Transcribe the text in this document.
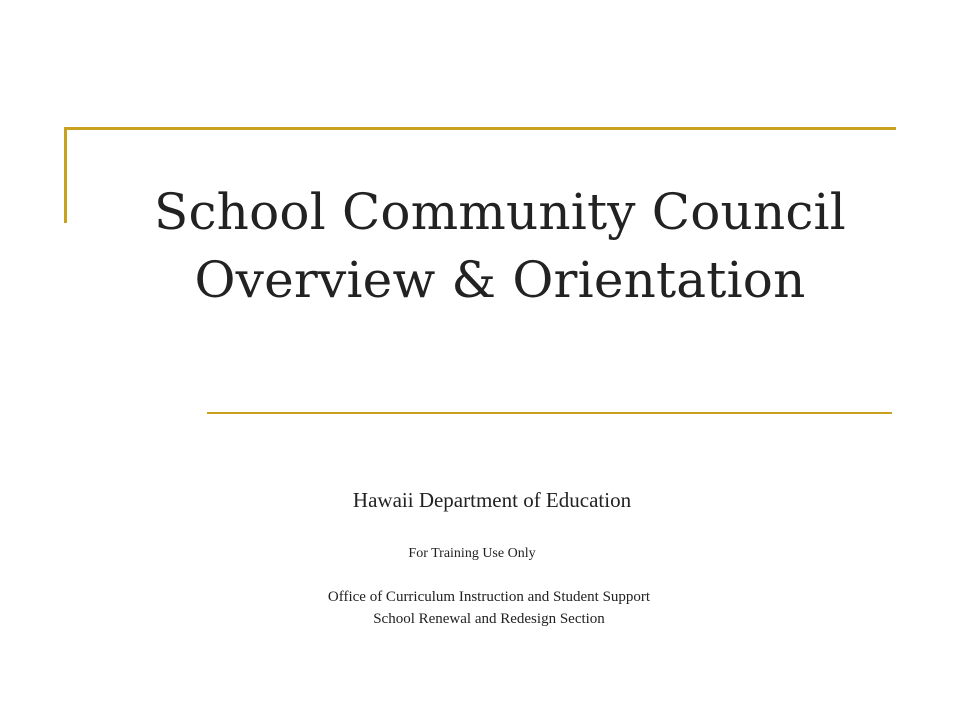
School Community Council
Overview & Orientation
Hawaii Department of Education
For Training Use Only
Office of Curriculum Instruction and Student Support
School Renewal and Redesign Section
